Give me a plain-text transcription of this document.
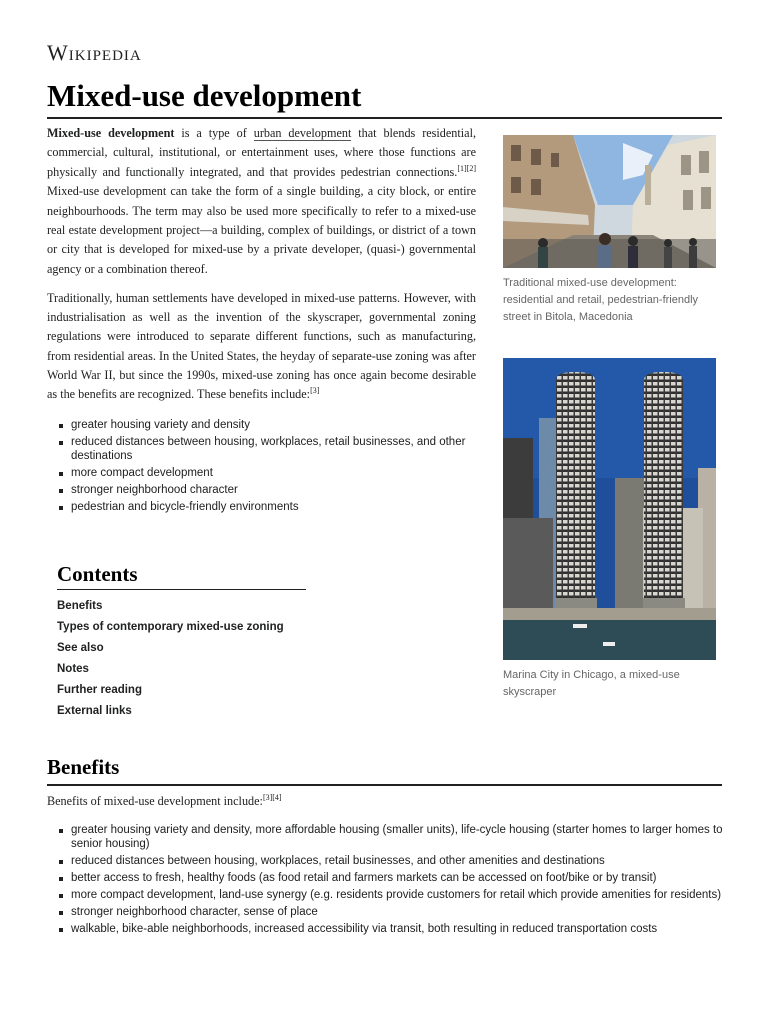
Wikipedia
Mixed-use development

Mixed-use development is a type of urban development that blends residential, commercial, cultural, institutional, or entertainment uses, where those functions are physically and functionally integrated, and that provides pedestrian connections.[1][2] Mixed-use development can take the form of a single building, a city block, or entire neighbourhoods. The term may also be used more specifically to refer to a mixed-use real estate development project—a building, complex of buildings, or district of a town or city that is developed for mixed-use by a private developer, (quasi-) governmental agency or a combination thereof.

Traditionally, human settlements have developed in mixed-use patterns. However, with industrialisation as well as the invention of the skyscraper, governmental zoning regulations were introduced to separate different functions, such as manufacturing, from residential areas. In the United States, the heyday of separate-use zoning was after World War II, but since the 1990s, mixed-use zoning has once again become desirable as the benefits are recognized. These benefits include:[3]

greater housing variety and density
reduced distances between housing, workplaces, retail businesses, and other destinations
more compact development
stronger neighborhood character
pedestrian and bicycle-friendly environments
Traditional mixed-use development: residential and retail, pedestrian-friendly street in Bitola, Macedonia
Marina City in Chicago, a mixed-use skyscraper
Contents
Benefits
Types of contemporary mixed-use zoning
See also
Notes
Further reading
External links
Benefits

Benefits of mixed-use development include:[3][4]

greater housing variety and density, more affordable housing (smaller units), life-cycle housing (starter homes to larger homes to senior housing)
reduced distances between housing, workplaces, retail businesses, and other amenities and destinations
better access to fresh, healthy foods (as food retail and farmers markets can be accessed on foot/bike or by transit)
more compact development, land-use synergy (e.g. residents provide customers for retail which provide amenities for residents)
stronger neighborhood character, sense of place
walkable, bike-able neighborhoods, increased accessibility via transit, both resulting in reduced transportation costs
